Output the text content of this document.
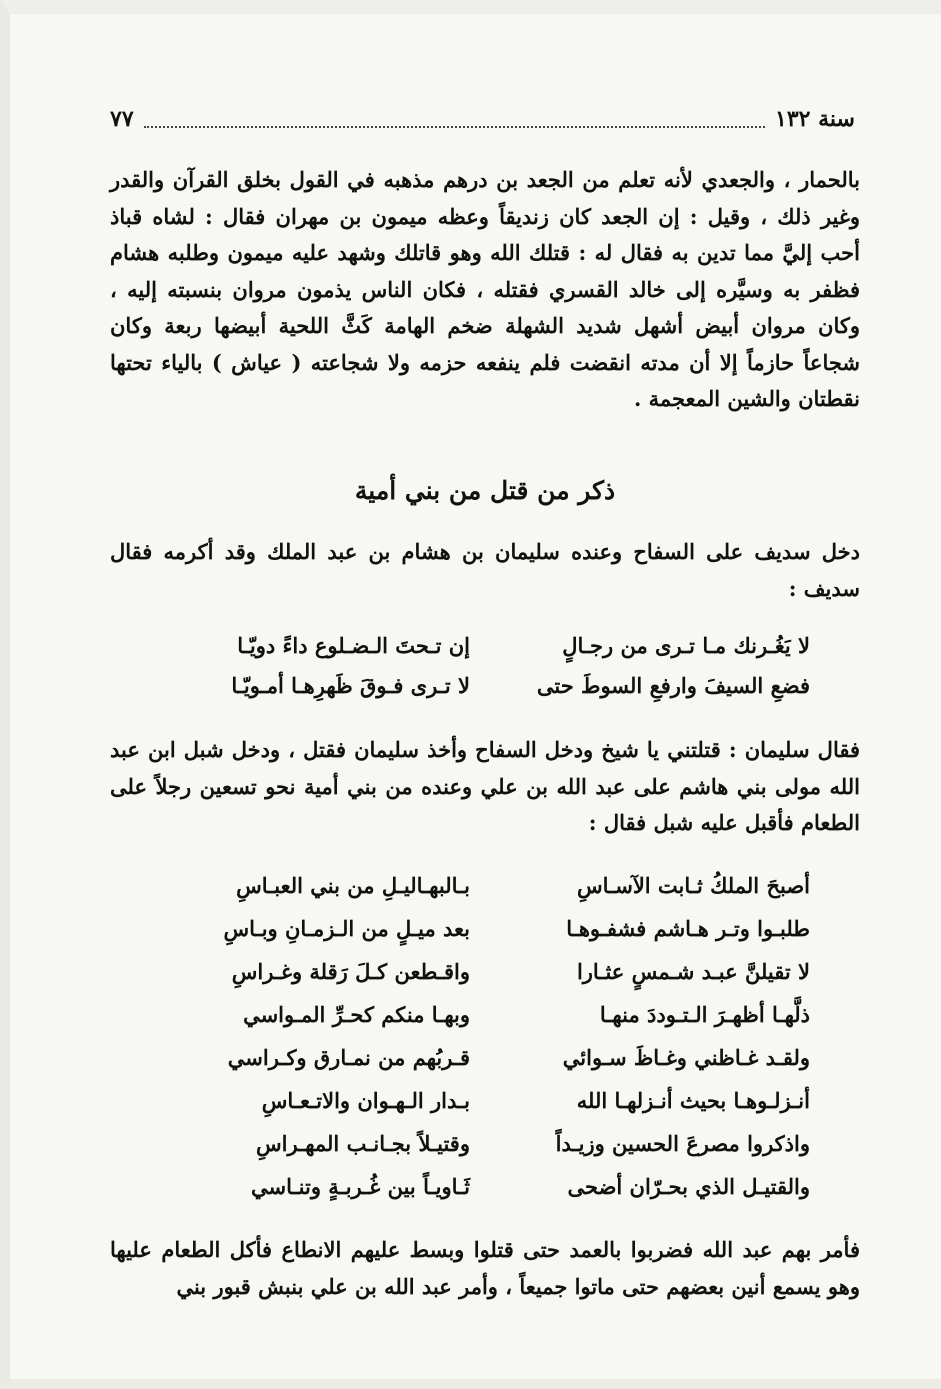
سنة ١٣٢
٧٧
بالحمار ، والجعدي لأنه تعلم من الجعد بن درهم مذهبه في القول بخلق القرآن والقدر وغير ذلك ، وقيل : إن الجعد كان زنديقاً وعظه ميمون بن مهران فقال : لشاه قباذ أحب إليَّ مما تدين به فقال له : قتلك الله وهو قاتلك وشهد عليه ميمون وطلبه هشام فظفر به وسيَّره إلى خالد القسري فقتله ، فكان الناس يذمون مروان بنسبته إليه ، وكان مروان أبيض أشهل شديد الشهلة ضخم الهامة كَثَّ اللحية أبيضها ربعة وكان شجاعاً حازماً إلا أن مدته انقضت فلم ينفعه حزمه ولا شجاعته ( عياش ) بالياء تحتها نقطتان والشين المعجمة .
ذكر من قتل من بني أمية
دخل سديف على السفاح وعنده سليمان بن هشام بن عبد الملك وقد أكرمه فقال سديف :
لا يَغُـرنك مـا تـرى من رجـالٍ
إن تـحتَ الـضـلوع داءً دويّـا
فضعِ السيفَ وارفعِ السوطَ حتى
لا تـرى فـوقَ ظَهرِهـا أمـويّـا
فقال سليمان : قتلتني يا شيخ ودخل السفاح وأخذ سليمان فقتل ، ودخل شبل ابن عبد الله مولى بني هاشم على عبد الله بن علي وعنده من بني أمية نحو تسعين رجلاً على الطعام فأقبل عليه شبل فقال :
أصبحَ الملكُ ثـابت الآسـاسِ
بـالبهـاليـلِ من بني العبـاسِ
طلبـوا وتـر هـاشم فشفـوهـا
بعد ميـلٍ من الـزمـانِ وبـاسِ
لا تقيلنَّ عبـد شـمسٍ عثـارا
واقـطعن كـلَ رَقلة وغـراسِ
ذلَّهـا أظهـرَ الـتـوددَ منهـا
وبهـا منكم كحـرِّ المـواسي
ولقـد غـاظني وغـاظَ سـوائي
قـربُهم من نمـارق وكـراسي
أنـزلـوهـا بحيث أنـزلهـا الله
بـدار الـهـوان والاتـعـاسِ
واذكروا مصرعَ الحسين وزيـداً
وقتيـلاً بجـانـب المهـراسِ
والقتيـل الذي بحـرّان أضحى
ثَـاويـاً بين غُـربـةٍ وتنـاسي
فأمر بهم عبد الله فضربوا بالعمد حتى قتلوا وبسط عليهم الانطاع فأكل الطعام عليها وهو يسمع أنين بعضهم حتى ماتوا جميعاً ، وأمر عبد الله بن علي بنبش قبور بني
